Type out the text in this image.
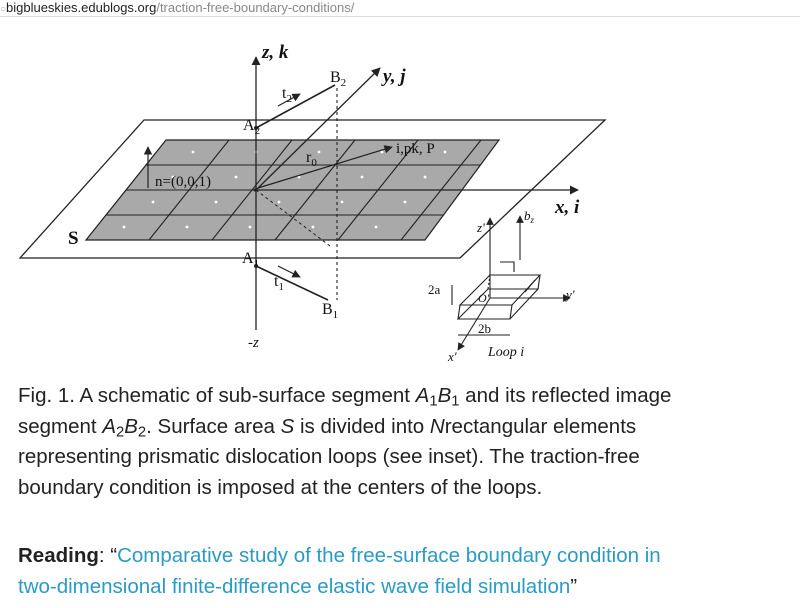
○bigblueskies.edublogs.org/traction-free-boundary-conditions/
z, k
y, j
x, i
-z
S
$A_2$
$B_2$
$A_1$
$B_1$
$t_2$
$t_1$
$r_0$
i,pk, P
n=(0,0,1)
z'
$b_z$
y'
O'
2a
2b
x' Loop i
Fig. 1. A schematic of sub-surface segment $A_1B_1$ and its reflected image
segment $A_2B_2$. Surface area S is divided into Nrectangular elements
representing prismatic dislocation loops (see inset). The traction-free
boundary condition is imposed at the centers of the loops.
Reading: “Comparative study of the free-surface boundary condition in
two-dimensional finite-difference elastic wave field simulation”
